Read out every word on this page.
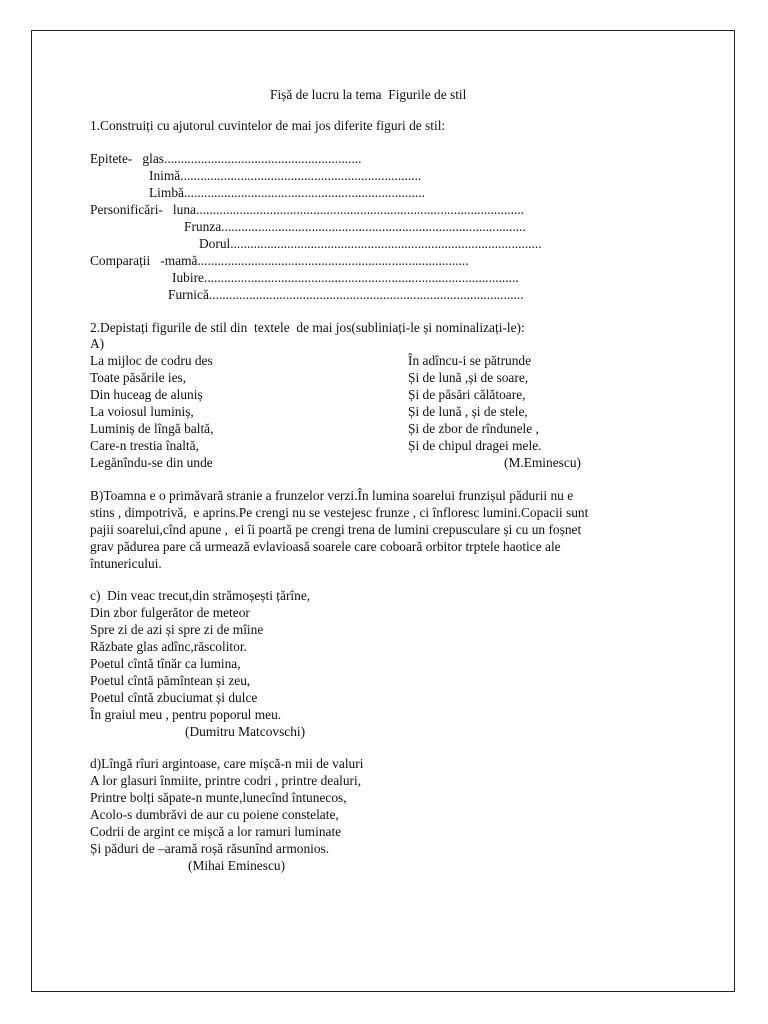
Fișă de lucru la tema  Figurile de stil
1.Construiți cu ajutorul cuvintelor de mai jos diferite figuri de stil:
Epitete-   glas...........................................................
Inimă........................................................................
Limbă........................................................................
Personificări-   luna..................................................................................................
Frunza...........................................................................................
Dorul.............................................................................................
Comparații   -mamă.................................................................................
Iubire..............................................................................................
Furnică..............................................................................................
2.Depistați figurile de stil din  textele  de mai jos(subliniați-le și nominalizați-le):
A)
La mijloc de codru des
Toate păsările ies,
Din huceag de aluniș
La voiosul luminiș,
Luminiș de lîngă baltă,
Care-n trestia înaltă,
Legănîndu-se din unde
În adîncu-i se pătrunde
Și de lună ,și de soare,
Și de păsări călătoare,
Și de lună , și de stele,
Și de zbor de rîndunele ,
Și de chipul dragei mele.
(M.Eminescu)
B)Toamna e o primăvară stranie a frunzelor verzi.În lumina soarelui frunzișul pădurii nu e
stins , dimpotrivă,  e aprins.Pe crengi nu se vestejesc frunze , ci înfloresc lumini.Copacii sunt
pajii soarelui,cînd apune ,  ei îi poartă pe crengi trena de lumini crepusculare și cu un foșnet
grav pădurea pare că urmează evlavioasă soarele care coboară orbitor trptele haotice ale
întunericului.
c)  Din veac trecut,din strămoșești țărîne,
Din zbor fulgerător de meteor
Spre zi de azi și spre zi de mîine
Răzbate glas adînc,răscolitor.
Poetul cîntă tînăr ca lumina,
Poetul cîntă pămîntean și zeu,
Poetul cîntă zbuciumat și dulce
În graiul meu , pentru poporul meu.
(Dumitru Matcovschi)
d)Lîngă rîuri argintoase, care mișcă-n mii de valuri
A lor glasuri înmiite, printre codri , printre dealuri,
Printre bolți săpate-n munte,lunecînd întunecos,
Acolo-s dumbrăvi de aur cu poiene constelate,
Codrii de argint ce mișcă a lor ramuri luminate
Și păduri de –aramă roșă răsunînd armonios.
(Mihai Eminescu)
